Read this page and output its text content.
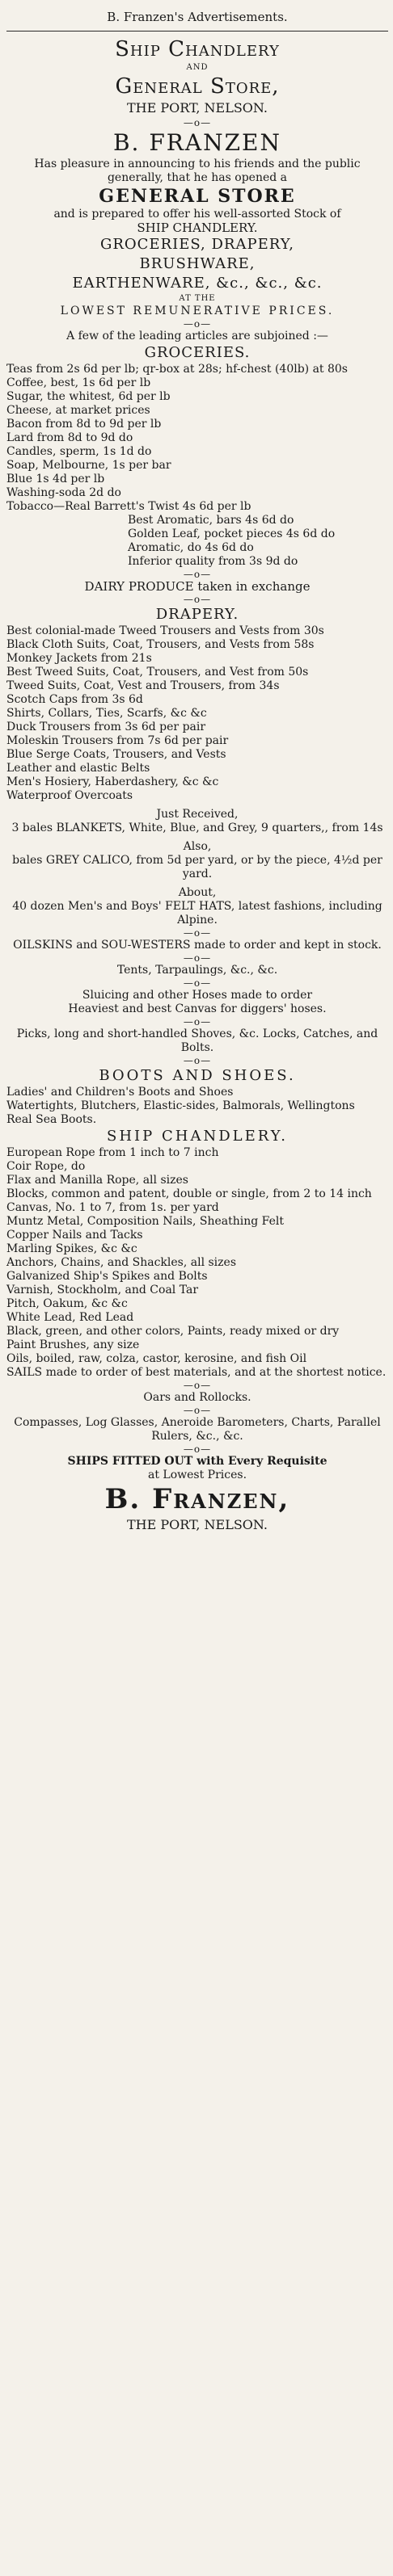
B. Franzen's Advertisements.
Ship Chandlery
AND
General Store,
THE PORT, NELSON.
—o—
B. FRANZEN
Has pleasure in announcing to his friends and the public generally, that he has opened a
GENERAL STORE
and is prepared to offer his well-assorted Stock of
SHIP CHANDLERY.
GROCERIES, DRAPERY,
BRUSHWARE,
EARTHENWARE, &c., &c., &c.
AT THE
LOWEST REMUNERATIVE PRICES.
—o—
A few of the leading articles are subjoined :—
GROCERIES.
Teas from 2s 6d per lb; qr-box at 28s; hf-chest (40lb) at 80s
Coffee, best, 1s 6d per lb
Sugar, the whitest, 6d per lb
Cheese, at market prices
Bacon from 8d to 9d per lb
Lard from 8d to 9d do
Candles, sperm, 1s 1d do
Soap, Melbourne, 1s per bar
Blue 1s 4d per lb
Washing-soda 2d do
Tobacco—Real Barrett's Twist 4s 6d per lb
Best Aromatic, bars 4s 6d do
Golden Leaf, pocket pieces 4s 6d do
Aromatic, do 4s 6d do
Inferior quality from 3s 9d do
—o—
DAIRY PRODUCE taken in exchange
—o—
DRAPERY.
Best colonial-made Tweed Trousers and Vests from 30s
Black Cloth Suits, Coat, Trousers, and Vests from 58s
Monkey Jackets from 21s
Best Tweed Suits, Coat, Trousers, and Vest from 50s
Tweed Suits, Coat, Vest and Trousers, from 34s
Scotch Caps from 3s 6d
Shirts, Collars, Ties, Scarfs, &c &c
Duck Trousers from 3s 6d per pair
Moleskin Trousers from 7s 6d per pair
Blue Serge Coats, Trousers, and Vests
Leather and elastic Belts
Men's Hosiery, Haberdashery, &c &c
Waterproof Overcoats
Just Received,
3 bales BLANKETS, White, Blue, and Grey, 9 quarters,, from 14s
Also,
bales GREY CALICO, from 5d per yard, or by the piece, 4½d per yard.
About,
40 dozen Men's and Boys' FELT HATS, latest fashions, including Alpine.
—o—
OILSKINS and SOU-WESTERS made to order and kept in stock.
—o—
Tents, Tarpaulings, &c., &c.
—o—
Sluicing and other Hoses made to order
Heaviest and best Canvas for diggers' hoses.
—o—
Picks, long and short-handled Shoves, &c. Locks, Catches, and Bolts.
—o—
BOOTS AND SHOES.
Ladies' and Children's Boots and Shoes
Watertights, Blutchers, Elastic-sides, Balmorals, Wellingtons
Real Sea Boots.
SHIP CHANDLERY.
European Rope from 1 inch to 7 inch
Coir Rope, do
Flax and Manilla Rope, all sizes
Blocks, common and patent, double or single, from 2 to 14 inch
Canvas, No. 1 to 7, from 1s. per yard
Muntz Metal, Composition Nails, Sheathing Felt
Copper Nails and Tacks
Marling Spikes, &c &c
Anchors, Chains, and Shackles, all sizes
Galvanized Ship's Spikes and Bolts
Varnish, Stockholm, and Coal Tar
Pitch, Oakum, &c &c
White Lead, Red Lead
Black, green, and other colors, Paints, ready mixed or dry
Paint Brushes, any size
Oils, boiled, raw, colza, castor, kerosine, and fish Oil
SAILS made to order of best materials, and at the shortest notice.
—o—
Oars and Rollocks.
—o—
Compasses, Log Glasses, Aneroide Barometers, Charts, Parallel Rulers, &c., &c.
—o—
SHIPS FITTED OUT with Every Requisite
at Lowest Prices.
B. Franzen,
THE PORT, NELSON.
